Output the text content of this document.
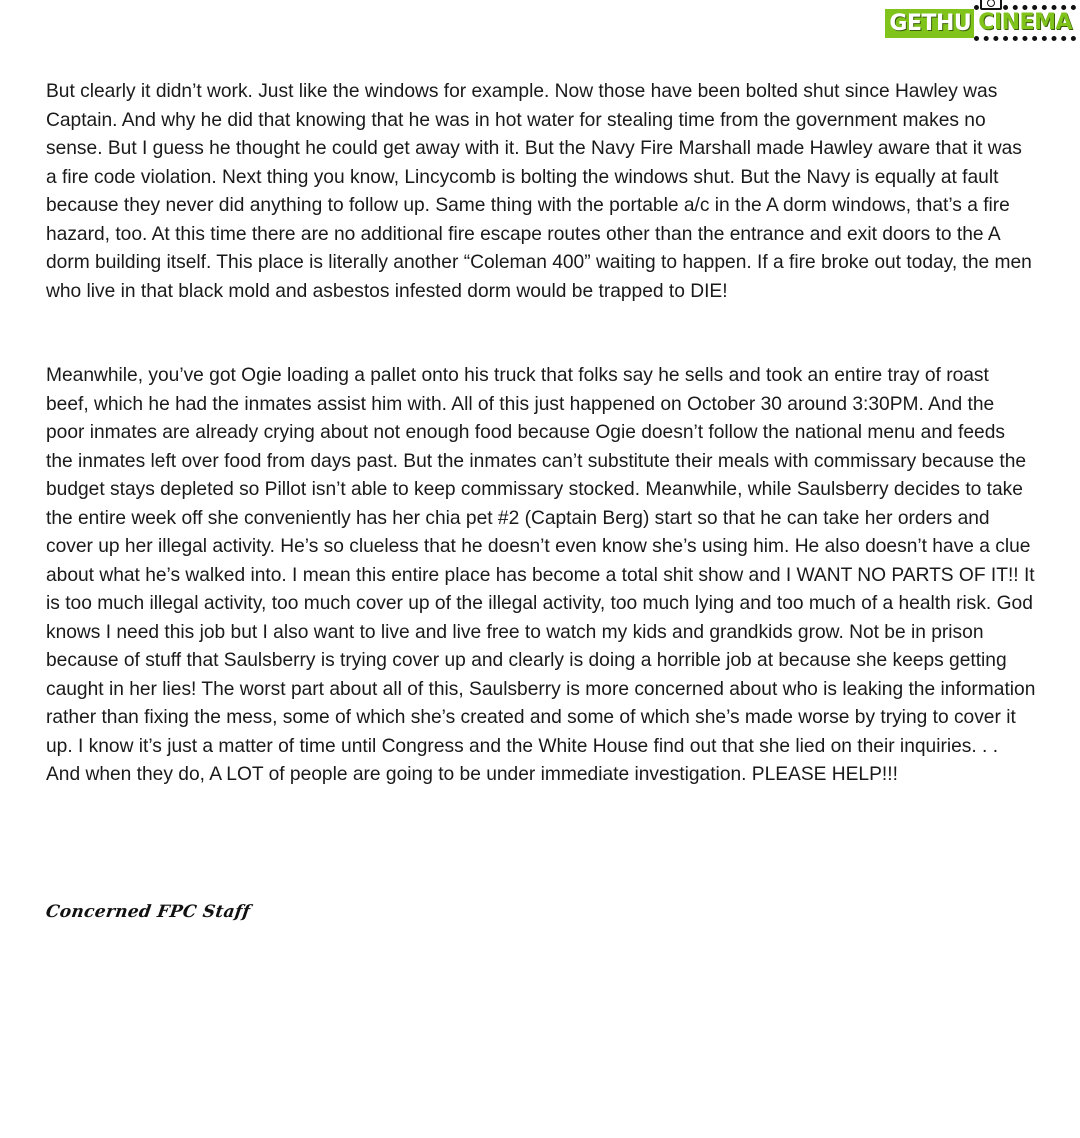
GETHU CINEMA

But clearly it didn’t work. Just like the windows for example. Now those have been bolted shut since Hawley was Captain. And why he did that knowing that he was in hot water for stealing time from the government makes no sense. But I guess he thought he could get away with it. But the Navy Fire Marshall made Hawley aware that it was a fire code violation. Next thing you know, Lincycomb is bolting the windows shut. But the Navy is equally at fault because they never did anything to follow up. Same thing with the portable a/c in the A dorm windows, that’s a fire hazard, too. At this time there are no additional fire escape routes other than the entrance and exit doors to the A dorm building itself. This place is literally another “Coleman 400” waiting to happen. If a fire broke out today, the men who live in that black mold and asbestos infested dorm would be trapped to DIE!

Meanwhile, you’ve got Ogie loading a pallet onto his truck that folks say he sells and took an entire tray of roast beef, which he had the inmates assist him with. All of this just happened on October 30 around 3:30PM. And the poor inmates are already crying about not enough food because Ogie doesn’t follow the national menu and feeds the inmates left over food from days past. But the inmates can’t substitute their meals with commissary because the budget stays depleted so Pillot isn’t able to keep commissary stocked. Meanwhile, while Saulsberry decides to take the entire week off she conveniently has her chia pet #2 (Captain Berg) start so that he can take her orders and cover up her illegal activity. He’s so clueless that he doesn’t even know she’s using him. He also doesn’t have a clue about what he’s walked into. I mean this entire place has become a total shit show and I WANT NO PARTS OF IT!! It is too much illegal activity, too much cover up of the illegal activity, too much lying and too much of a health risk. God knows I need this job but I also want to live and live free to watch my kids and grandkids grow. Not be in prison because of stuff that Saulsberry is trying cover up and clearly is doing a horrible job at because she keeps getting caught in her lies! The worst part about all of this, Saulsberry is more concerned about who is leaking the information rather than fixing the mess, some of which she’s created and some of which she’s made worse by trying to cover it up. I know it’s just a matter of time until Congress and the White House find out that she lied on their inquiries. . . And when they do, A LOT of people are going to be under immediate investigation. PLEASE HELP!!!

Concerned FPC Staff
